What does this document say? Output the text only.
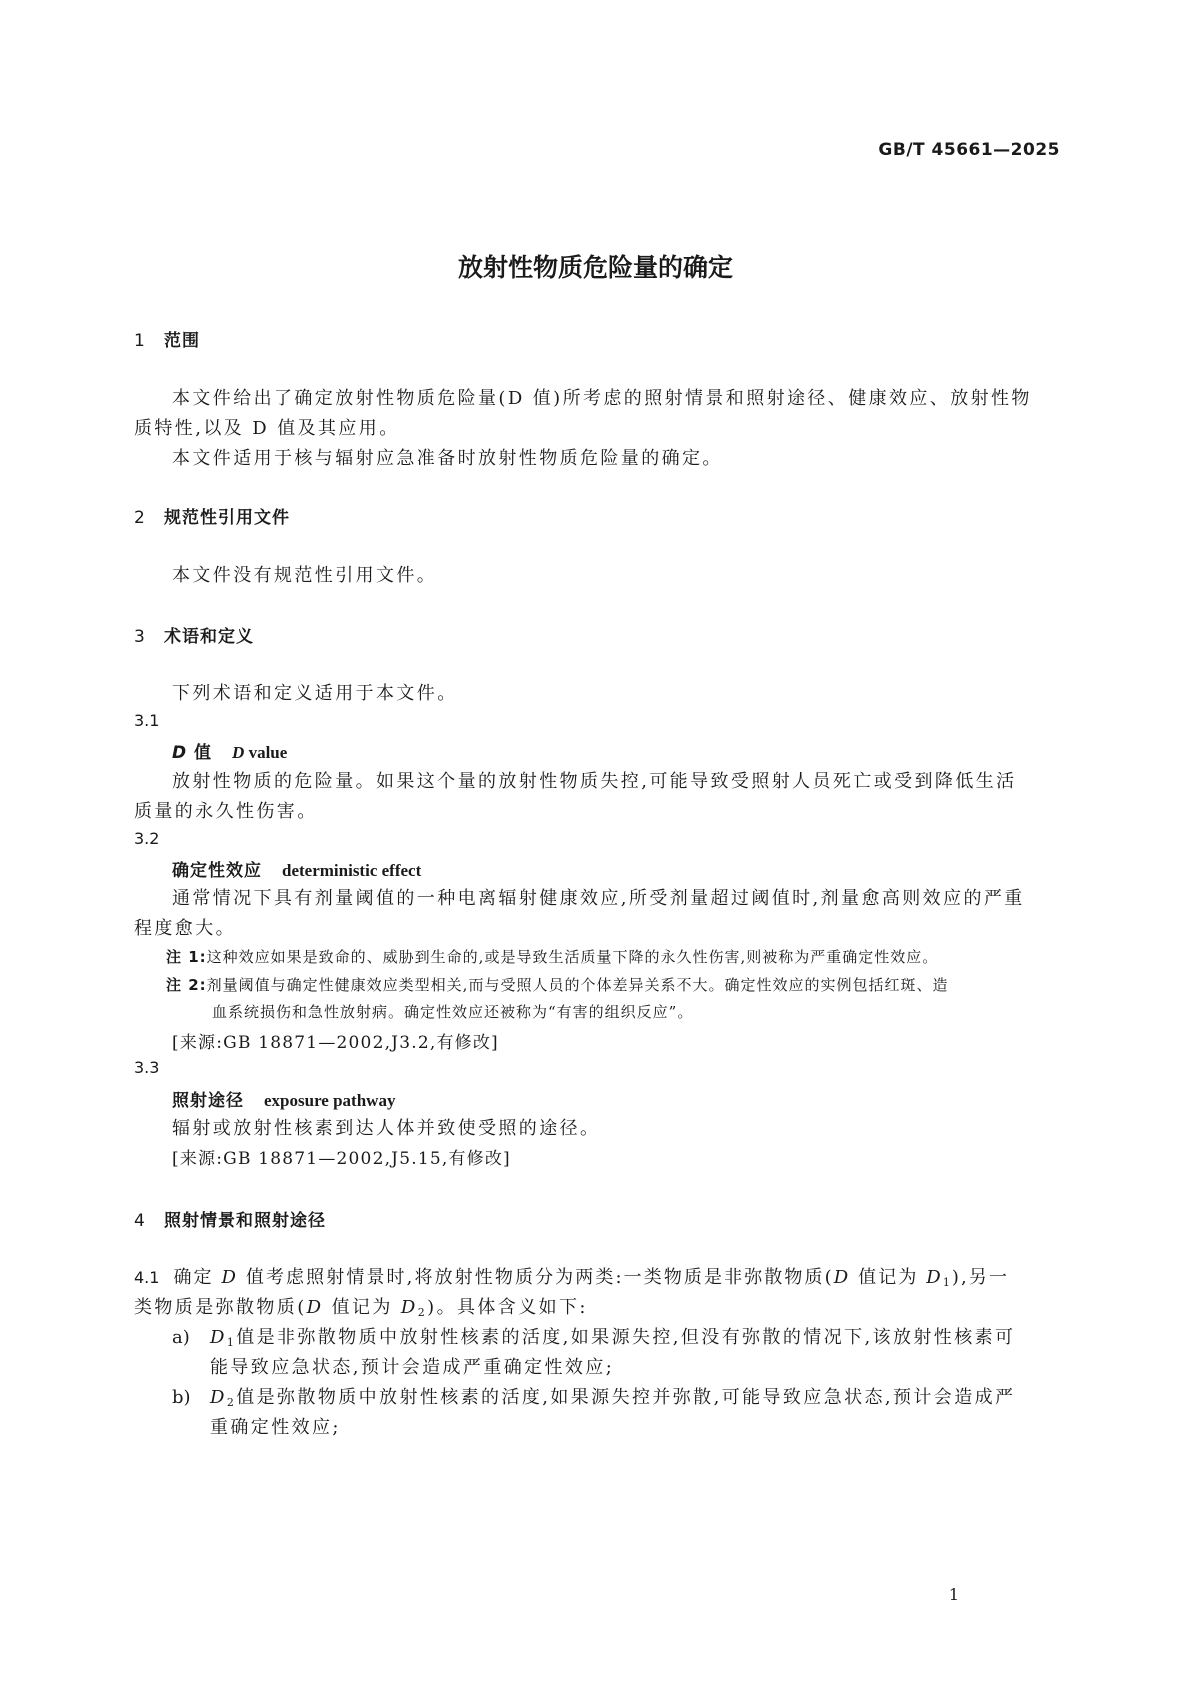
GB/T 45661—2025
放射性物质危险量的确定
1 范围
本文件给出了确定放射性物质危险量(D 值)所考虑的照射情景和照射途径、健康效应、放射性物
质特性,以及 D 值及其应用。
本文件适用于核与辐射应急准备时放射性物质危险量的确定。
2 规范性引用文件
本文件没有规范性引用文件。
3 术语和定义
下列术语和定义适用于本文件。
3.1
D 值 D value
放射性物质的危险量。如果这个量的放射性物质失控,可能导致受照射人员死亡或受到降低生活
质量的永久性伤害。
3.2
确定性效应 deterministic effect
通常情况下具有剂量阈值的一种电离辐射健康效应,所受剂量超过阈值时,剂量愈高则效应的严重
程度愈大。
注 1:这种效应如果是致命的、威胁到生命的,或是导致生活质量下降的永久性伤害,则被称为严重确定性效应。
注 2:剂量阈值与确定性健康效应类型相关,而与受照人员的个体差异关系不大。确定性效应的实例包括红斑、造
血系统损伤和急性放射病。确定性效应还被称为“有害的组织反应”。
[来源:GB 18871—2002,J3.2,有修改]
3.3
照射途径 exposure pathway
辐射或放射性核素到达人体并致使受照的途径。
[来源:GB 18871—2002,J5.15,有修改]
4 照射情景和照射途径
4.1 确定 D 值考虑照射情景时,将放射性物质分为两类:一类物质是非弥散物质(D 值记为 $D_1$),另一
类物质是弥散物质(D 值记为 $D_2$)。具体含义如下:
a) $D_1$值是非弥散物质中放射性核素的活度,如果源失控,但没有弥散的情况下,该放射性核素可
能导致应急状态,预计会造成严重确定性效应;
b) $D_2$值是弥散物质中放射性核素的活度,如果源失控并弥散,可能导致应急状态,预计会造成严
重确定性效应;
1
